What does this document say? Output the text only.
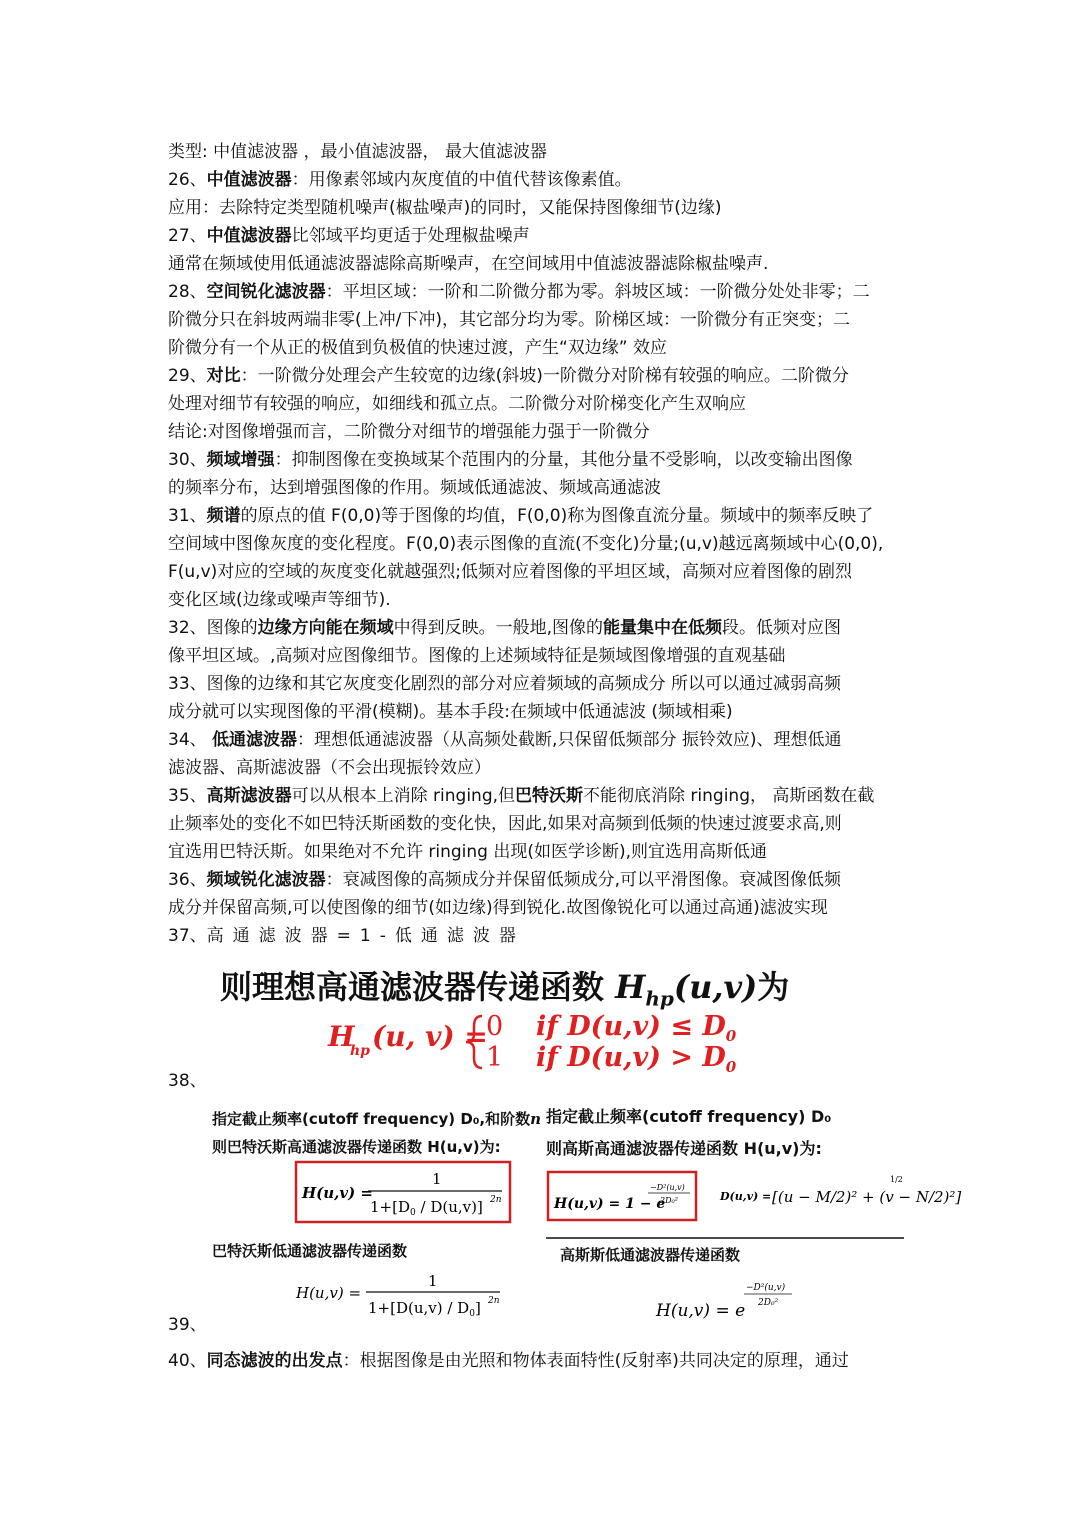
类型: 中值滤波器 ，最小值滤波器， 最大值滤波器
26、中值滤波器：用像素邻域内灰度值的中值代替该像素值。
应用：去除特定类型随机噪声(椒盐噪声)的同时，又能保持图像细节(边缘)
27、中值滤波器比邻域平均更适于处理椒盐噪声
通常在频域使用低通滤波器滤除高斯噪声，在空间域用中值滤波器滤除椒盐噪声.
28、空间锐化滤波器：平坦区域：一阶和二阶微分都为零。斜坡区域：一阶微分处处非零；二
阶微分只在斜坡两端非零(上冲/下冲)，其它部分均为零。阶梯区域：一阶微分有正突变；二
阶微分有一个从正的极值到负极值的快速过渡，产生“双边缘” 效应
29、对比：一阶微分处理会产生较宽的边缘(斜坡)一阶微分对阶梯有较强的响应。二阶微分
处理对细节有较强的响应，如细线和孤立点。二阶微分对阶梯变化产生双响应
结论:对图像增强而言，二阶微分对细节的增强能力强于一阶微分
30、频域增强：抑制图像在变换域某个范围内的分量，其他分量不受影响，以改变输出图像
的频率分布，达到增强图像的作用。频域低通滤波、频域高通滤波
31、频谱的原点的值 F(0,0)等于图像的均值，F(0,0)称为图像直流分量。频域中的频率反映了
空间域中图像灰度的变化程度。F(0,0)表示图像的直流(不变化)分量;(u,v)越远离频域中心(0,0),
F(u,v)对应的空域的灰度变化就越强烈;低频对应着图像的平坦区域，高频对应着图像的剧烈
变化区域(边缘或噪声等细节).
32、图像的边缘方向能在频域中得到反映。一般地,图像的能量集中在低频段。低频对应图
像平坦区域。,高频对应图像细节。图像的上述频域特征是频域图像增强的直观基础
33、图像的边缘和其它灰度变化剧烈的部分对应着频域的高频成分 所以可以通过减弱高频
成分就可以实现图像的平滑(模糊)。基本手段:在频域中低通滤波 (频域相乘)
34、 低通滤波器：理想低通滤波器（从高频处截断,只保留低频部分 振铃效应)、理想低通
滤波器、高斯滤波器（不会出现振铃效应）
35、高斯滤波器可以从根本上消除 ringing,但巴特沃斯不能彻底消除 ringing， 高斯函数在截
止频率处的变化不如巴特沃斯函数的变化快，因此,如果对高频到低频的快速过渡要求高,则
宜选用巴特沃斯。如果绝对不允许 ringing 出现(如医学诊断),则宜选用高斯低通
36、频域锐化滤波器：衰减图像的高频成分并保留低频成分,可以平滑图像。衰减图像低频
成分并保留高频,可以使图像的细节(如边缘)得到锐化.故图像锐化可以通过高通)滤波实现
37、高通滤波器=1-低通滤波器
则理想高通滤波器传递函数 $H_{hp}(u,v)$为
38、
39、
40、同态滤波的出发点：根据图像是由光照和物体表面特性(反射率)共同决定的原理，通过
指定截止频率(cutoff frequency) D₀,和阶数n
则巴特沃斯高通滤波器传递函数 H(u,v)为:
指定截止频率(cutoff frequency) D₀
则高斯高通滤波器传递函数 H(u,v)为:
巴特沃斯低通滤波器传递函数	高斯斯低通滤波器传递函数
H
hp (u, v) =
0
1
if $D(u,v) \le D_0$
if $D(u,v) > D_0$
H(u,v) =
1
$1+[D_0 / D(u,v)]$ 2n	H(u,v) = 1 − e
−D²(u,v)
2D₀²	D(u,v) = [(u − M/2)² + (v − N/2)²]
1/2
H(u,v) =
1
$1+[D(u,v) / D_0]$ 2n	H(u,v) = e
−D²(u,v)
2D₀²
